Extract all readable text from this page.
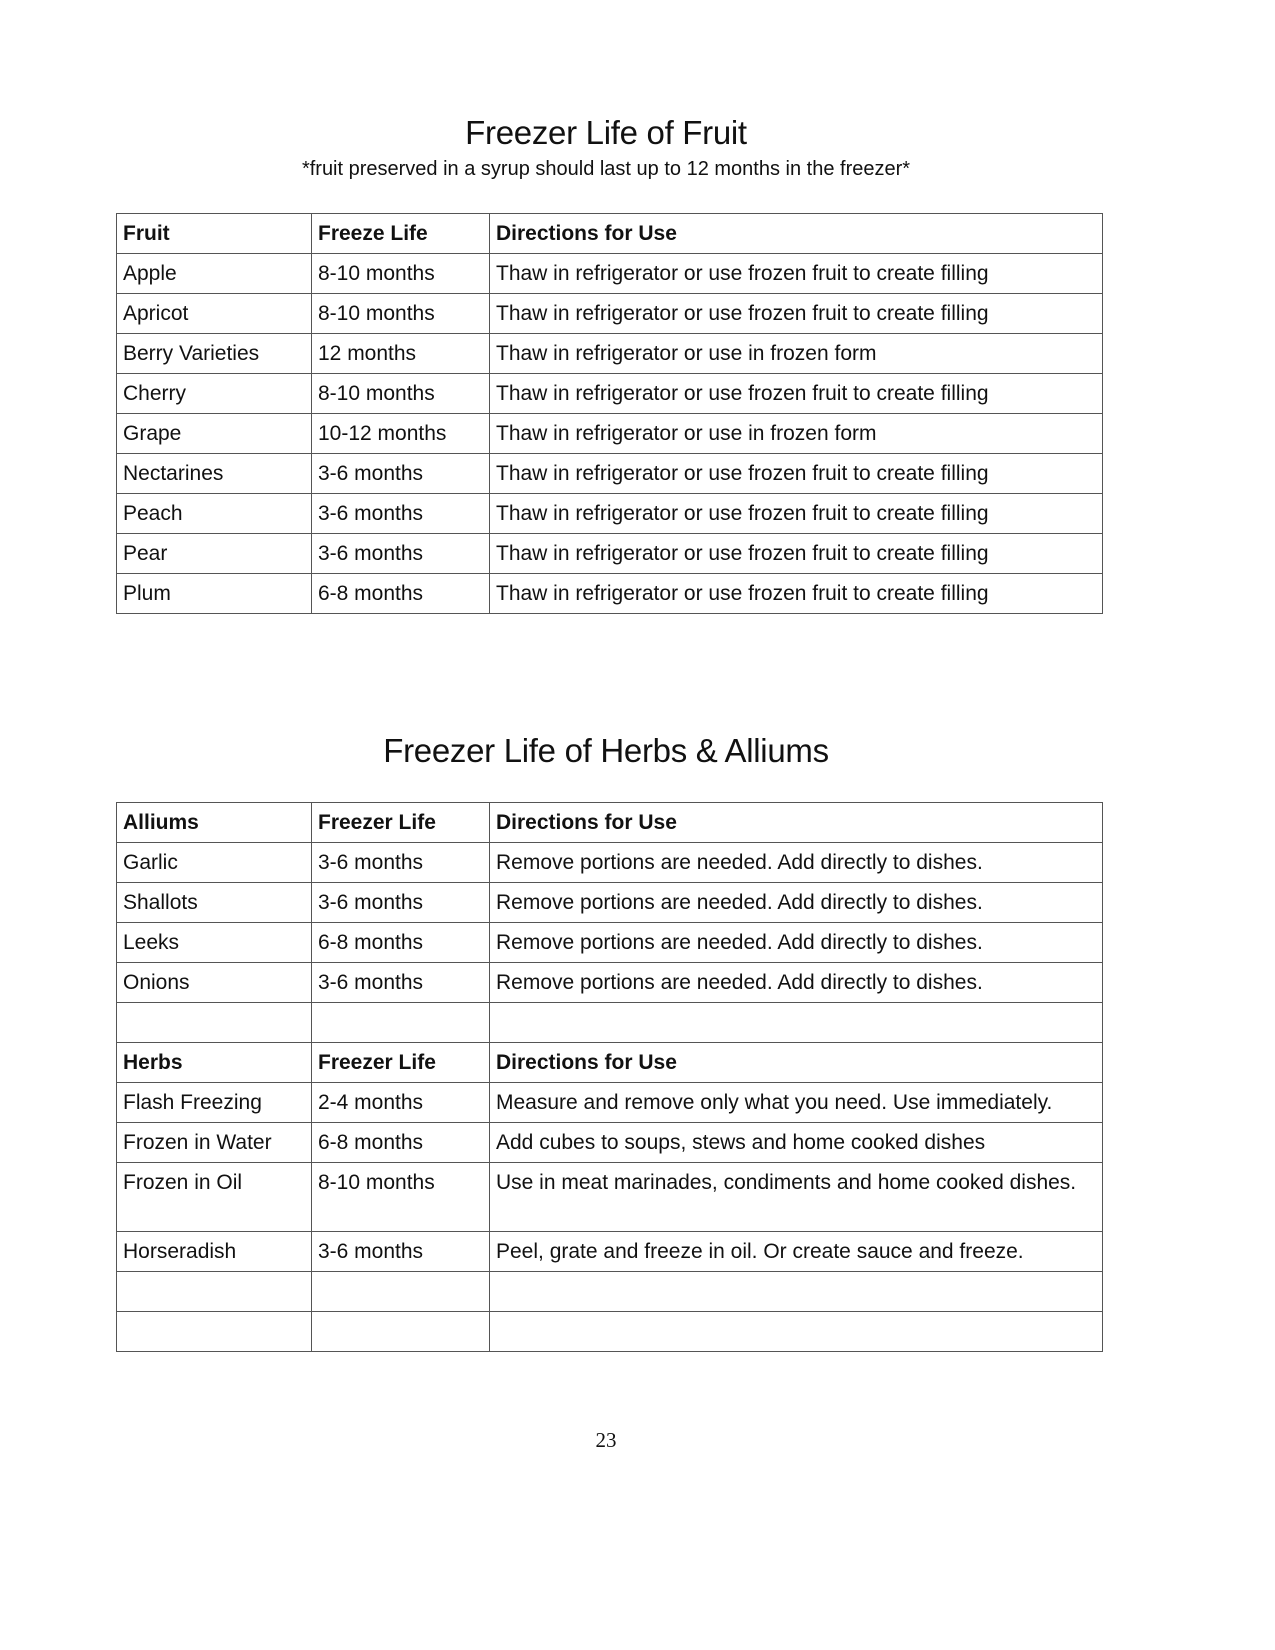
Freezer Life of Fruit
*fruit preserved in a syrup should last up to 12 months in the freezer*
Fruit	Freeze Life	Directions for Use
Apple	8-10 months	Thaw in refrigerator or use frozen fruit to create filling
Apricot	8-10 months	Thaw in refrigerator or use frozen fruit to create filling
Berry Varieties	12 months	Thaw in refrigerator or use in frozen form
Cherry	8-10 months	Thaw in refrigerator or use frozen fruit to create filling
Grape	10-12 months	Thaw in refrigerator or use in frozen form
Nectarines	3-6 months	Thaw in refrigerator or use frozen fruit to create filling
Peach	3-6 months	Thaw in refrigerator or use frozen fruit to create filling
Pear	3-6 months	Thaw in refrigerator or use frozen fruit to create filling
Plum	6-8 months	Thaw in refrigerator or use frozen fruit to create filling
Freezer Life of Herbs & Alliums
Alliums	Freezer Life	Directions for Use
Garlic	3-6 months	Remove portions are needed. Add directly to dishes.
Shallots	3-6 months	Remove portions are needed. Add directly to dishes.
Leeks	6-8 months	Remove portions are needed. Add directly to dishes.
Onions	3-6 months	Remove portions are needed. Add directly to dishes.

Herbs	Freezer Life	Directions for Use
Flash Freezing	2-4 months	Measure and remove only what you need. Use immediately.
Frozen in Water	6-8 months	Add cubes to soups, stews and home cooked dishes
Frozen in Oil	8-10 months	Use in meat marinades, condiments and home cooked dishes.
Horseradish	3-6 months	Peel, grate and freeze in oil. Or create sauce and freeze.

23
